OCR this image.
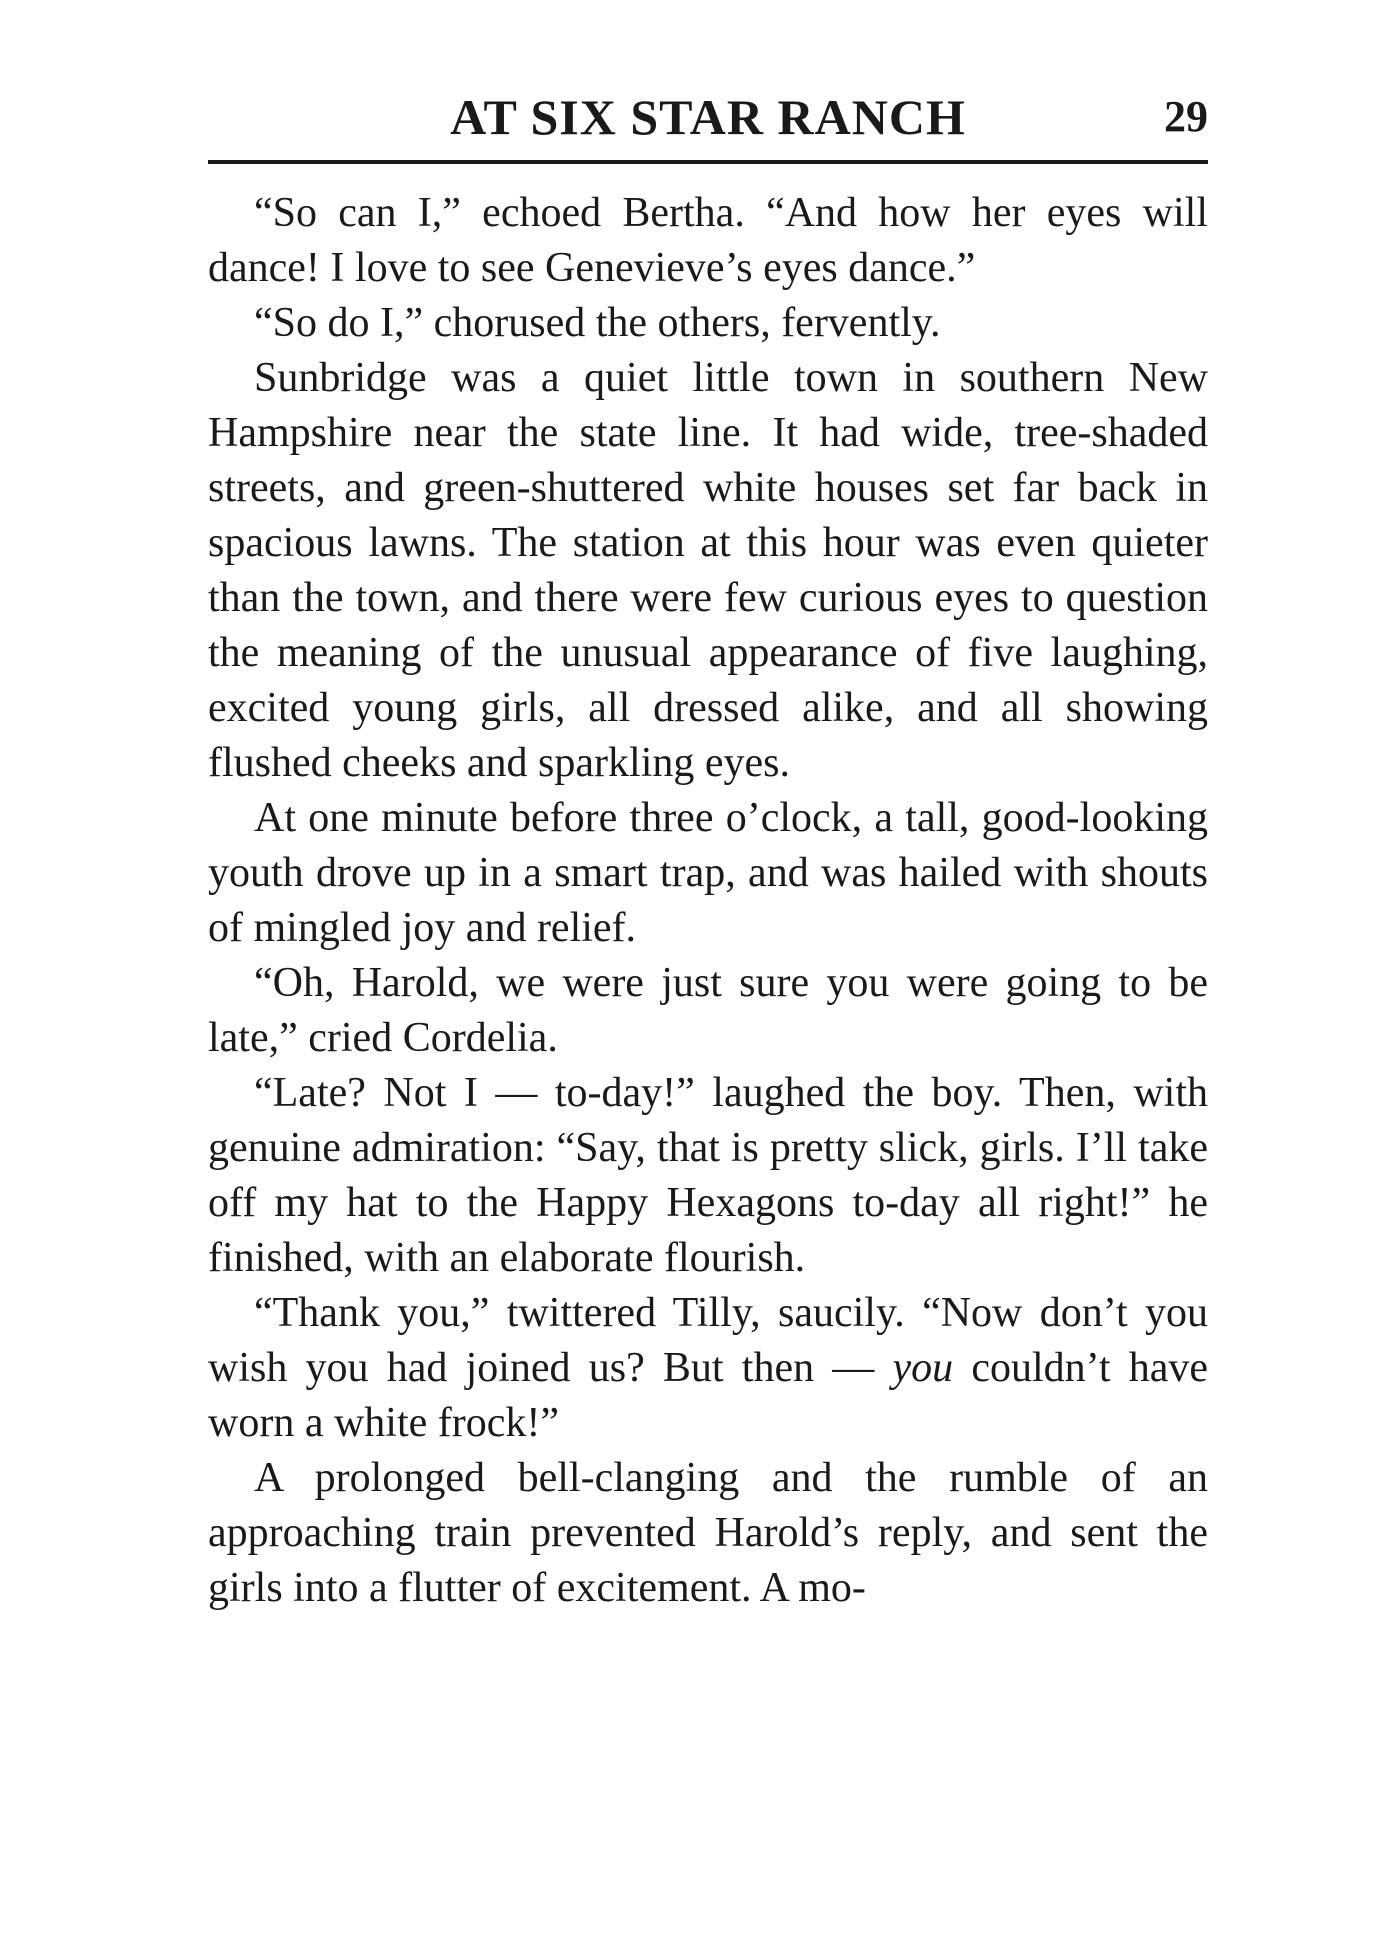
AT SIX STAR RANCH	29

“So can I,” echoed Bertha. “And how her eyes will dance! I love to see Genevieve’s eyes dance.”

“So do I,” chorused the others, fervently.

Sunbridge was a quiet little town in southern New Hampshire near the state line. It had wide, tree-shaded streets, and green-shuttered white houses set far back in spacious lawns. The station at this hour was even quieter than the town, and there were few curious eyes to question the meaning of the unusual appearance of five laughing, excited young girls, all dressed alike, and all showing flushed cheeks and sparkling eyes.

At one minute before three o’clock, a tall, good-looking youth drove up in a smart trap, and was hailed with shouts of mingled joy and relief.

“Oh, Harold, we were just sure you were going to be late,” cried Cordelia.

“Late? Not I — to-day!” laughed the boy. Then, with genuine admiration: “Say, that is pretty slick, girls. I’ll take off my hat to the Happy Hexagons to-day all right!” he finished, with an elaborate flourish.

“Thank you,” twittered Tilly, saucily. “Now don’t you wish you had joined us? But then — you couldn’t have worn a white frock!”

A prolonged bell-clanging and the rumble of an approaching train prevented Harold’s reply, and sent the girls into a flutter of excitement. A mo-
